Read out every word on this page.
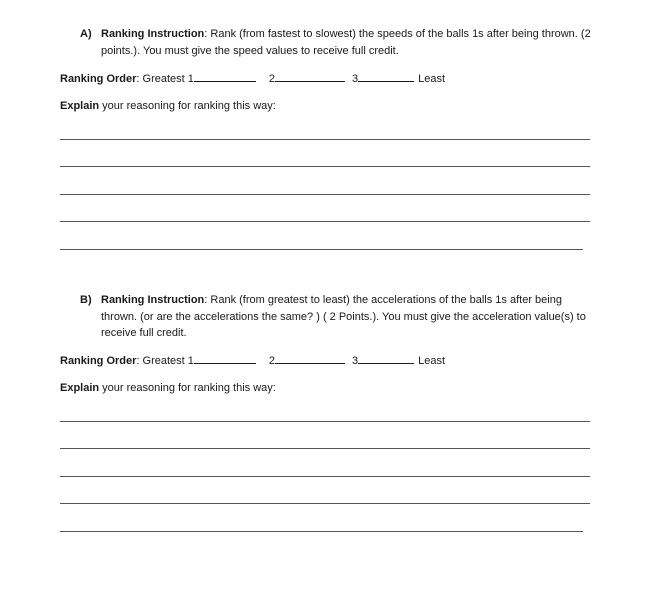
A) Ranking Instruction: Rank (from fastest to slowest) the speeds of the balls 1s after being thrown. (2 points.). You must give the speed values to receive full credit.
Ranking Order: Greatest 1	2	3	Least
Explain your reasoning for ranking this way:
B) Ranking Instruction: Rank (from greatest to least) the accelerations of the balls 1s after being thrown. (or are the accelerations the same? ) ( 2 Points.). You must give the acceleration value(s) to receive full credit.
Ranking Order: Greatest 1	2	3	Least
Explain your reasoning for ranking this way:
